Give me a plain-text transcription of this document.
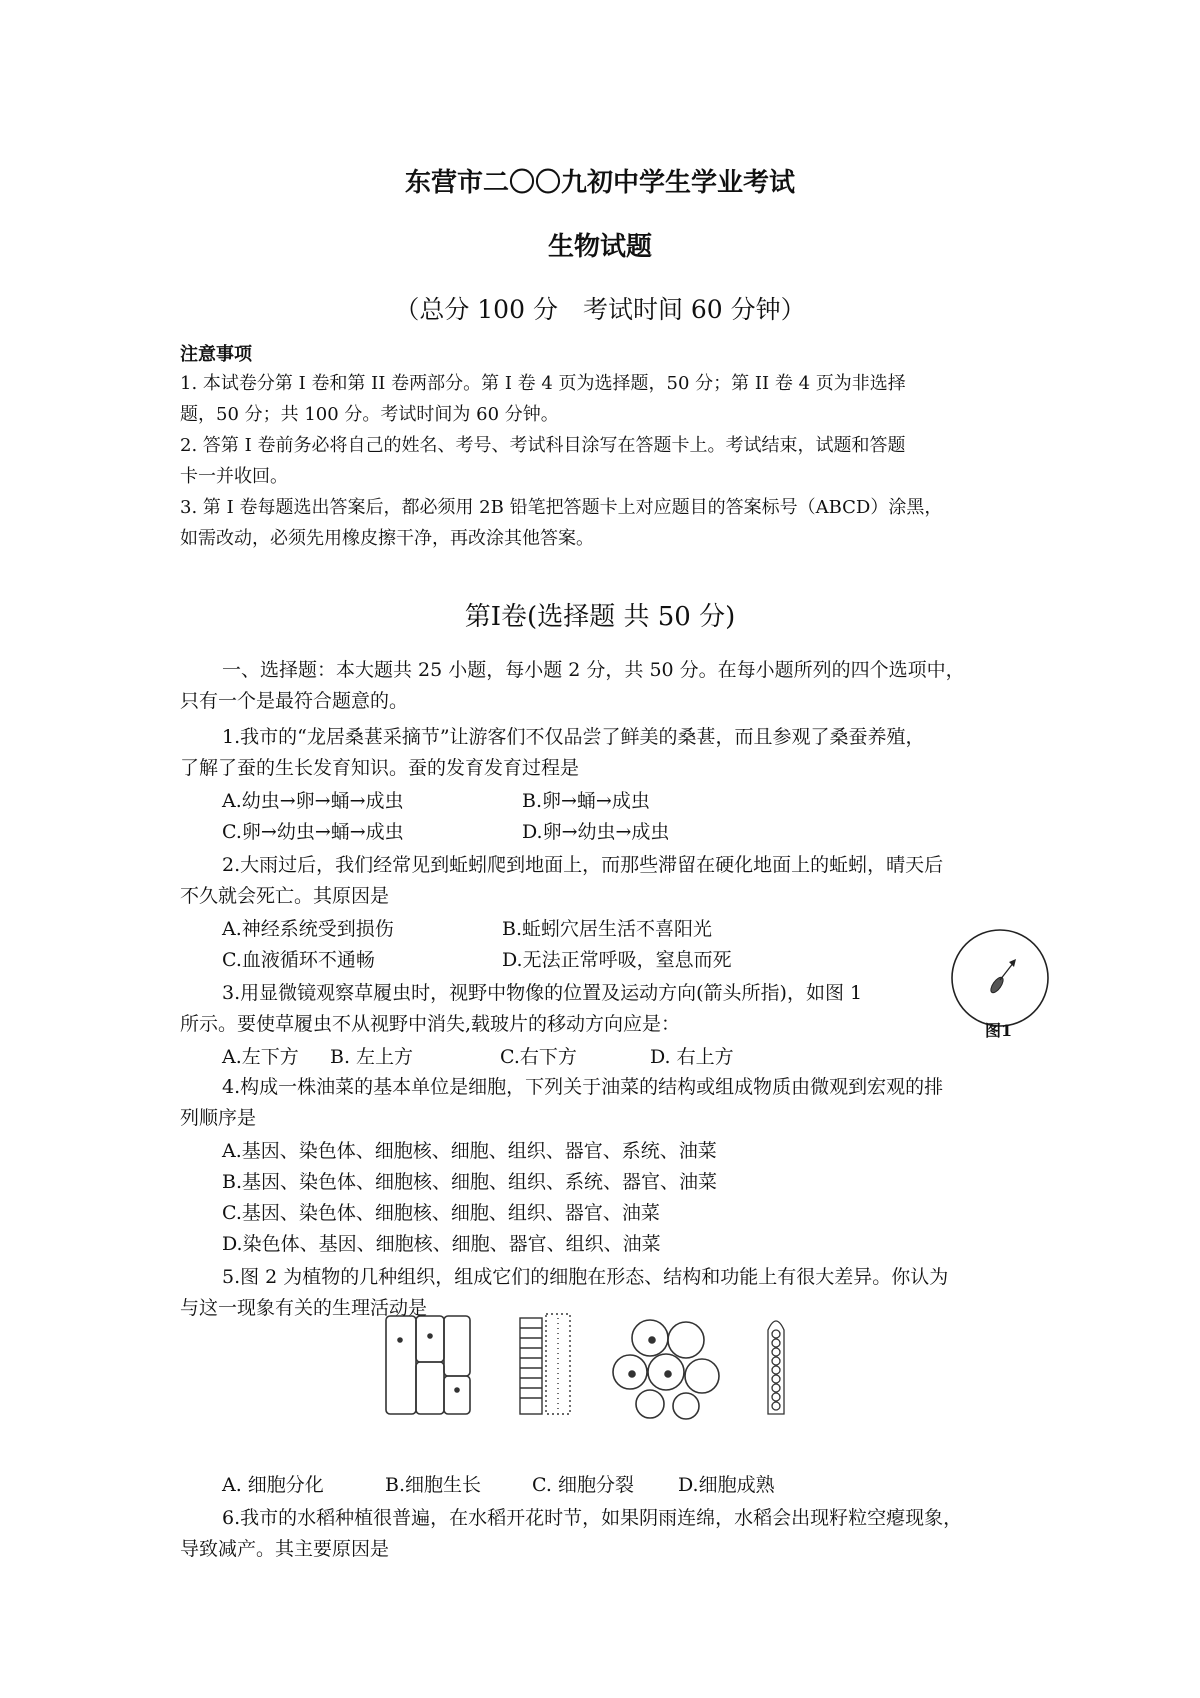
东营市二〇〇九初中学生学业考试
生物试题
（总分 100 分　考试时间 60 分钟）
注意事项
1. 本试卷分第 I 卷和第 II 卷两部分。第 I 卷 4 页为选择题，50 分；第 II 卷 4 页为非选择
题，50 分；共 100 分。考试时间为 60 分钟。
2. 答第 I 卷前务必将自己的姓名、考号、考试科目涂写在答题卡上。考试结束，试题和答题
卡一并收回。
3. 第 I 卷每题选出答案后，都必须用 2B 铅笔把答题卡上对应题目的答案标号（ABCD）涂黑，
如需改动，必须先用橡皮擦干净，再改涂其他答案。
第Ⅰ卷(选择题 共 50 分)
一、选择题：本大题共 25 小题，每小题 2 分，共 50 分。在每小题所列的四个选项中，
只有一个是最符合题意的。
1.我市的“龙居桑葚采摘节”让游客们不仅品尝了鲜美的桑葚，而且参观了桑蚕养殖，
了解了蚕的生长发育知识。蚕的发育发育过程是
A.幼虫→卵→蛹→成虫	B.卵→蛹→成虫
C.卵→幼虫→蛹→成虫	D.卵→幼虫→成虫
2.大雨过后，我们经常见到蚯蚓爬到地面上，而那些滞留在硬化地面上的蚯蚓，晴天后
不久就会死亡。其原因是
A.神经系统受到损伤	B.蚯蚓穴居生活不喜阳光
C.血液循环不通畅	D.无法正常呼吸，窒息而死
3.用显微镜观察草履虫时，视野中物像的位置及运动方向(箭头所指)，如图 1
所示。要使草履虫不从视野中消失,载玻片的移动方向应是：
A.左下方 B. 左上方	C.右下方	D. 右上方
图1
4.构成一株油菜的基本单位是细胞，下列关于油菜的结构或组成物质由微观到宏观的排
列顺序是
A.基因、染色体、细胞核、细胞、组织、器官、系统、油菜
B.基因、染色体、细胞核、细胞、组织、系统、器官、油菜
C.基因、染色体、细胞核、细胞、组织、器官、油菜
D.染色体、基因、细胞核、细胞、器官、组织、油菜
5.图 2 为植物的几种组织，组成它们的细胞在形态、结构和功能上有很大差异。你认为
与这一现象有关的生理活动是
A. 细胞分化	B.细胞生长	C. 细胞分裂 D.细胞成熟
6.我市的水稻种植很普遍，在水稻开花时节，如果阴雨连绵，水稻会出现籽粒空瘪现象，
导致减产。其主要原因是
